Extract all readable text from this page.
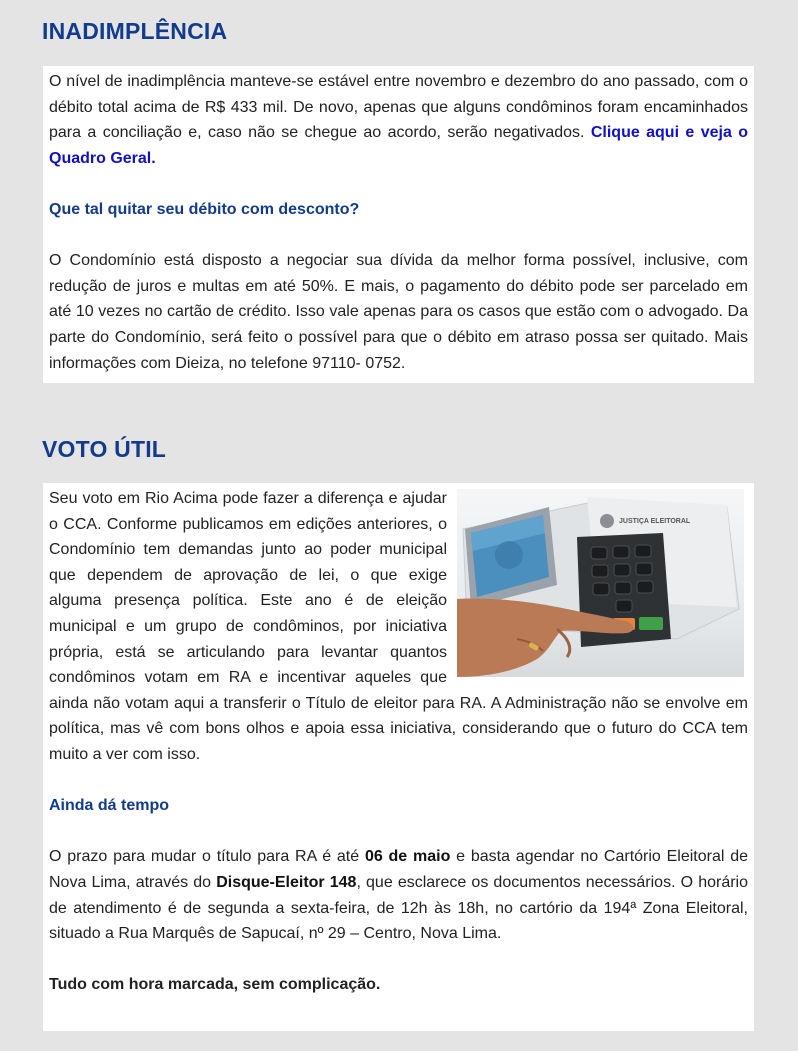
INADIMPLÊNCIA

O nível de inadimplência manteve-se estável entre novembro e dezembro do ano passado, com o débito total acima de R$ 433 mil. De novo, apenas que alguns condôminos foram encaminhados para a conciliação e, caso não se chegue ao acordo, serão negativados. Clique aqui e veja o Quadro Geral.

Que tal quitar seu débito com desconto?

O Condomínio está disposto a negociar sua dívida da melhor forma possível, inclusive, com redução de juros e multas em até 50%. E mais, o pagamento do débito pode ser parcelado em até 10 vezes no cartão de crédito. Isso vale apenas para os casos que estão com o advogado. Da parte do Condomínio, será feito o possível para que o débito em atraso possa ser quitado. Mais informações com Dieiza, no telefone 97110- 0752.

VOTO ÚTIL
JUSTIÇA ELEITORAL

Seu voto em Rio Acima pode fazer a diferença e ajudar o CCA. Conforme publicamos em edições anteriores, o Condomínio tem demandas junto ao poder municipal que dependem de aprovação de lei, o que exige alguma presença política. Este ano é de eleição municipal e um grupo de condôminos, por iniciativa própria, está se articulando para levantar quantos condôminos votam em RA e incentivar aqueles que ainda não votam aqui a transferir o Título de eleitor para RA. A Administração não se envolve em política, mas vê com bons olhos e apoia essa iniciativa, considerando que o futuro do CCA tem muito a ver com isso.

Ainda dá tempo

O prazo para mudar o título para RA é até 06 de maio e basta agendar no Cartório Eleitoral de Nova Lima, através do Disque-Eleitor 148, que esclarece os documentos necessários. O horário de atendimento é de segunda a sexta-feira, de 12h às 18h, no cartório da 194ª Zona Eleitoral, situado a Rua Marquês de Sapucaí, nº 29 – Centro, Nova Lima.

Tudo com hora marcada, sem complicação.
